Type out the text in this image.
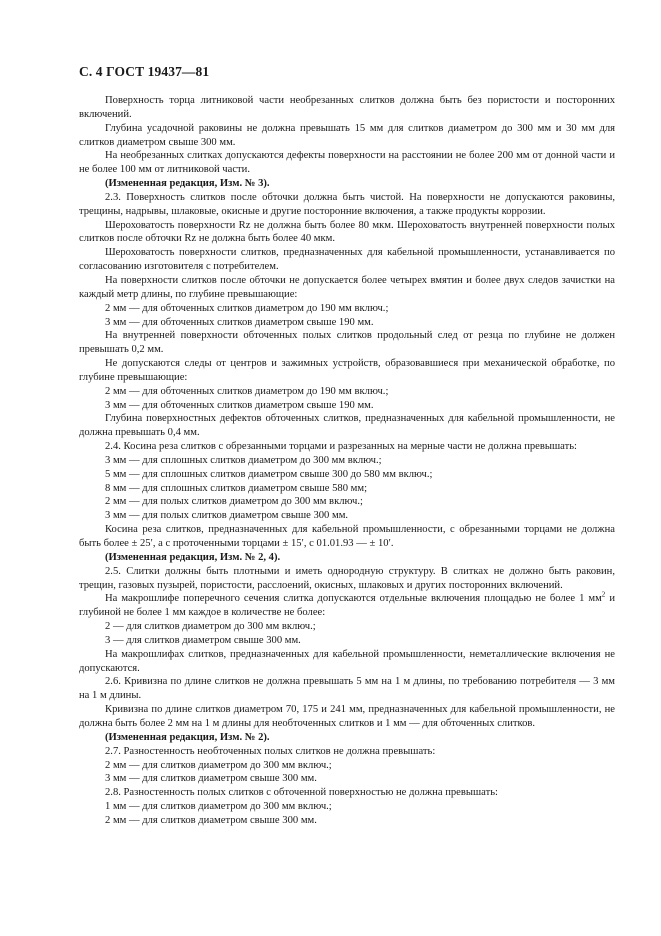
С. 4 ГОСТ 19437—81

Поверхность торца литниковой части необрезанных слитков должна быть без пористости и посторонних включений.

Глубина усадочной раковины не должна превышать 15 мм для слитков диаметром до 300 мм и 30 мм для слитков диаметром свыше 300 мм.

На необрезанных слитках допускаются дефекты поверхности на расстоянии не более 200 мм от донной части и не более 100 мм от литниковой части.

(Измененная редакция, Изм. № 3).

2.3. Поверхность слитков после обточки должна быть чистой. На поверхности не допускаются раковины, трещины, надрывы, шлаковые, окисные и другие посторонние включения, а также продукты коррозии.

Шероховатость поверхности Rz не должна быть более 80 мкм. Шероховатость внутренней поверхности полых слитков после обточки Rz не должна быть более 40 мкм.

Шероховатость поверхности слитков, предназначенных для кабельной промышленности, устанавливается по согласованию изготовителя с потребителем.

На поверхности слитков после обточки не допускается более четырех вмятин и более двух следов зачистки на каждый метр длины, по глубине превышающие:

2 мм — для обточенных слитков диаметром до 190 мм включ.;

3 мм — для обточенных слитков диаметром свыше 190 мм.

На внутренней поверхности обточенных полых слитков продольный след от резца по глубине не должен превышать 0,2 мм.

Не допускаются следы от центров и зажимных устройств, образовавшиеся при механической обработке, по глубине превышающие:

2 мм — для обточенных слитков диаметром до 190 мм включ.;

3 мм — для обточенных слитков диаметром свыше 190 мм.

Глубина поверхностных дефектов обточенных слитков, предназначенных для кабельной промышленности, не должна превышать 0,4 мм.

2.4. Косина реза слитков с обрезанными торцами и разрезанных на мерные части не должна превышать:

3 мм — для сплошных слитков диаметром до 300 мм включ.;

5 мм — для сплошных слитков диаметром свыше 300 до 580 мм включ.;

8 мм — для сплошных слитков диаметром свыше 580 мм;

2 мм — для полых слитков диаметром до 300 мм включ.;

3 мм — для полых слитков диаметром свыше 300 мм.

Косина реза слитков, предназначенных для кабельной промышленности, с обрезанными торцами не должна быть более ± 25′, а с проточенными торцами ± 15′, с 01.01.93 — ± 10′.

(Измененная редакция, Изм. № 2, 4).

2.5. Слитки должны быть плотными и иметь однородную структуру. В слитках не должно быть раковин, трещин, газовых пузырей, пористости, расслоений, окисных, шлаковых и других посторонних включений.

На макрошлифе поперечного сечения слитка допускаются отдельные включения площадью не более 1 $мм^2$ и глубиной не более 1 мм каждое в количестве не более:

2 — для слитков диаметром до 300 мм включ.;

3 — для слитков диаметром свыше 300 мм.

На макрошлифах слитков, предназначенных для кабельной промышленности, неметаллические включения не допускаются.

2.6. Кривизна по длине слитков не должна превышать 5 мм на 1 м длины, по требованию потребителя — 3 мм на 1 м длины.

Кривизна по длине слитков диаметром 70, 175 и 241 мм, предназначенных для кабельной промышленности, не должна быть более 2 мм на 1 м длины для необточенных слитков и 1 мм — для обточенных слитков.

(Измененная редакция, Изм. № 2).

2.7. Разностенность необточенных полых слитков не должна превышать:

2 мм — для слитков диаметром до 300 мм включ.;

3 мм — для слитков диаметром свыше 300 мм.

2.8. Разностенность полых слитков с обточенной поверхностью не должна превышать:

1 мм — для слитков диаметром до 300 мм включ.;

2 мм — для слитков диаметром свыше 300 мм.
